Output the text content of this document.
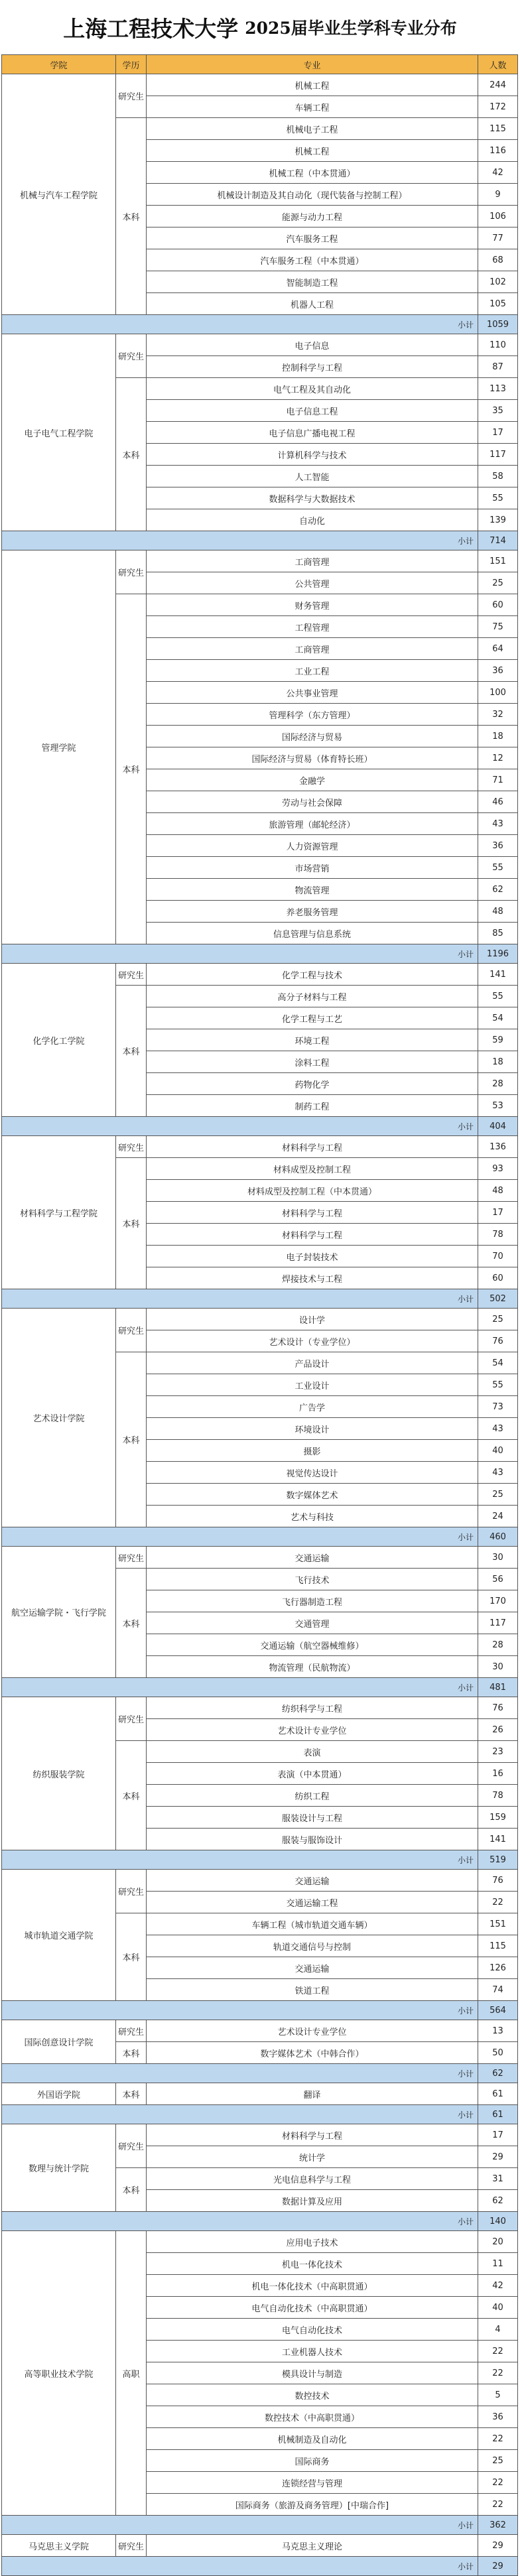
上海工程技术大学 2025届毕业生学科专业分布
学院	学历	专业	人数
机械与汽车工程学院	研究生	机械工程	244
		车辆工程	172
	本科	机械电子工程	115
		机械工程	116
		机械工程（中本贯通）	42
		机械设计制造及其自动化（现代装备与控制工程）	9
		能源与动力工程	106
		汽车服务工程	77
		汽车服务工程（中本贯通）	68
		智能制造工程	102
		机器人工程	105
小计			1059
电子电气工程学院	研究生	电子信息	110
		控制科学与工程	87
	本科	电气工程及其自动化	113
		电子信息工程	35
		电子信息广播电视工程	17
		计算机科学与技术	117
		人工智能	58
		数据科学与大数据技术	55
		自动化	139
小计			714
管理学院	研究生	工商管理	151
		公共管理	25
	本科	财务管理	60
		工程管理	75
		工商管理	64
		工业工程	36
		公共事业管理	100
		管理科学（东方管理）	32
		国际经济与贸易	18
		国际经济与贸易（体育特长班）	12
		金融学	71
		劳动与社会保障	46
		旅游管理（邮轮经济）	43
		人力资源管理	36
		市场营销	55
		物流管理	62
		养老服务管理	48
		信息管理与信息系统	85
小计			1196
化学化工学院	研究生	化学工程与技术	141
	本科	高分子材料与工程	55
		化学工程与工艺	54
		环境工程	59
		涂料工程	18
		药物化学	28
		制药工程	53
小计			404
材料科学与工程学院	研究生	材料科学与工程	136
	本科	材料成型及控制工程	93
		材料成型及控制工程（中本贯通）	48
		材料科学与工程	17
		材料科学与工程	78
		电子封装技术	70
		焊接技术与工程	60
小计			502
艺术设计学院	研究生	设计学	25
		艺术设计（专业学位）	76
	本科	产品设计	54
		工业设计	55
		广告学	73
		环境设计	43
		摄影	40
		视觉传达设计	43
		数字媒体艺术	25
		艺术与科技	24
小计			460
航空运输学院・飞行学院	研究生	交通运输	30
	本科	飞行技术	56
		飞行器制造工程	170
		交通管理	117
		交通运输（航空器械维修）	28
		物流管理（民航物流）	30
小计			481
纺织服装学院	研究生	纺织科学与工程	76
		艺术设计专业学位	26
	本科	表演	23
		表演（中本贯通）	16
		纺织工程	78
		服装设计与工程	159
		服装与服饰设计	141
小计			519
城市轨道交通学院	研究生	交通运输	76
		交通运输工程	22
	本科	车辆工程（城市轨道交通车辆）	151
		轨道交通信号与控制	115
		交通运输	126
		铁道工程	74
小计			564
国际创意设计学院	研究生	艺术设计专业学位	13
	本科	数字媒体艺术（中韩合作）	50
小计			62
外国语学院	本科	翻译	61
小计			61
数理与统计学院	研究生	材料科学与工程	17
		统计学	29
	本科	光电信息科学与工程	31
		数据计算及应用	62
小计			140
高等职业技术学院	高职	应用电子技术	20
		机电一体化技术	11
		机电一体化技术（中高职贯通）	42
		电气自动化技术（中高职贯通）	40
		电气自动化技术	4
		工业机器人技术	22
		模具设计与制造	22
		数控技术	5
		数控技术（中高职贯通）	36
		机械制造及自动化	22
		国际商务	25
		连锁经营与管理	22
		国际商务（旅游及商务管理）[中瑞合作]	22
小计			362
马克思主义学院	研究生	马克思主义理论	29
小计			29
